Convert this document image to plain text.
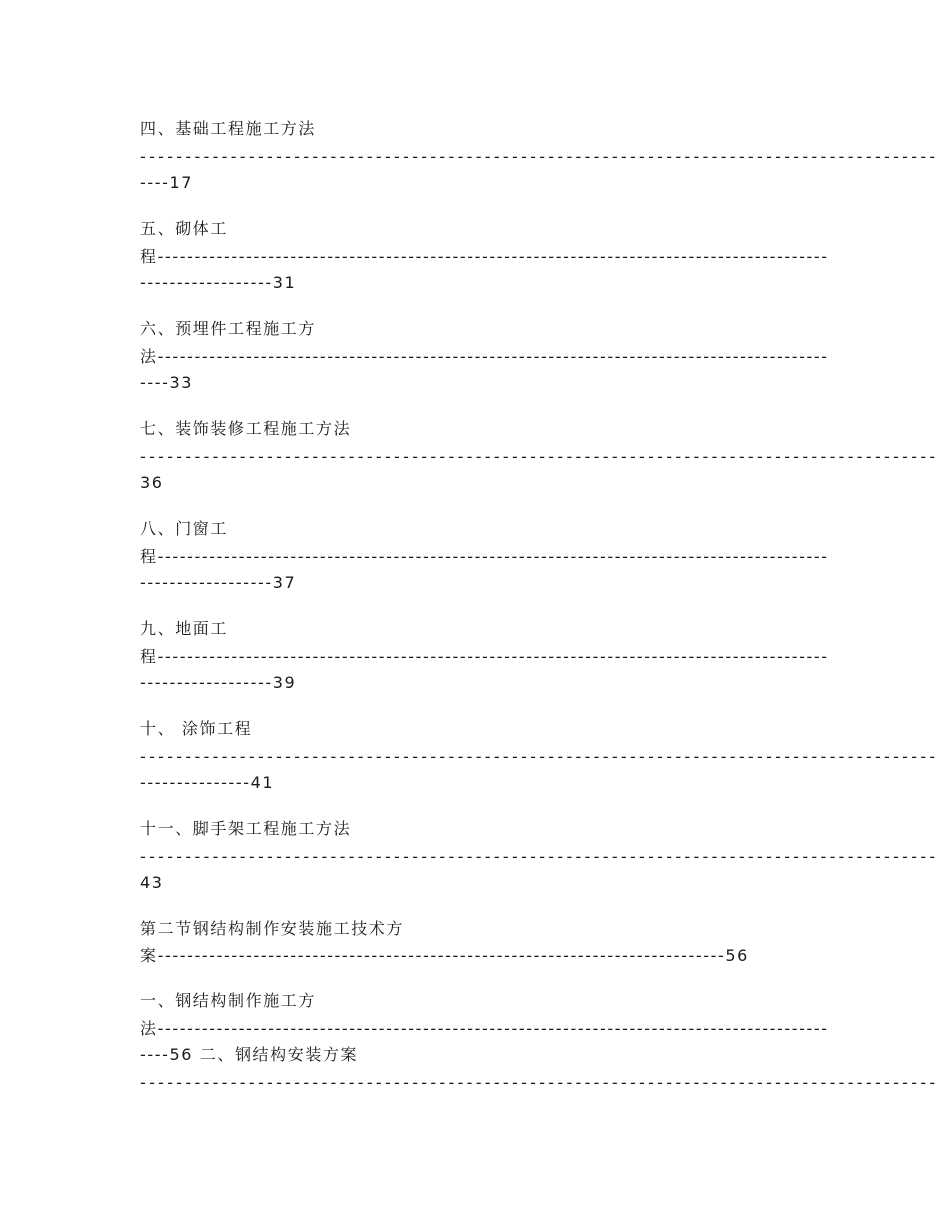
四、基础工程施工方法
----------------------------------------------------------------------------------------
----17
五、砌体工
程-------------------------------------------------------------------------------------------
------------------31
六、预埋件工程施工方
法-------------------------------------------------------------------------------------------
----33
七、装饰装修工程施工方法
----------------------------------------------------------------------------------------
36
八、门窗工
程-------------------------------------------------------------------------------------------
------------------37
九、地面工
程-------------------------------------------------------------------------------------------
------------------39
十、 涂饰工程
----------------------------------------------------------------------------------------
---------------41
十一、脚手架工程施工方法
----------------------------------------------------------------------------------------
43
第二节钢结构制作安装施工技术方
案-----------------------------------------------------------------------------56
一、钢结构制作施工方
法-------------------------------------------------------------------------------------------
----56 二、钢结构安装方案
----------------------------------------------------------------------------------------
